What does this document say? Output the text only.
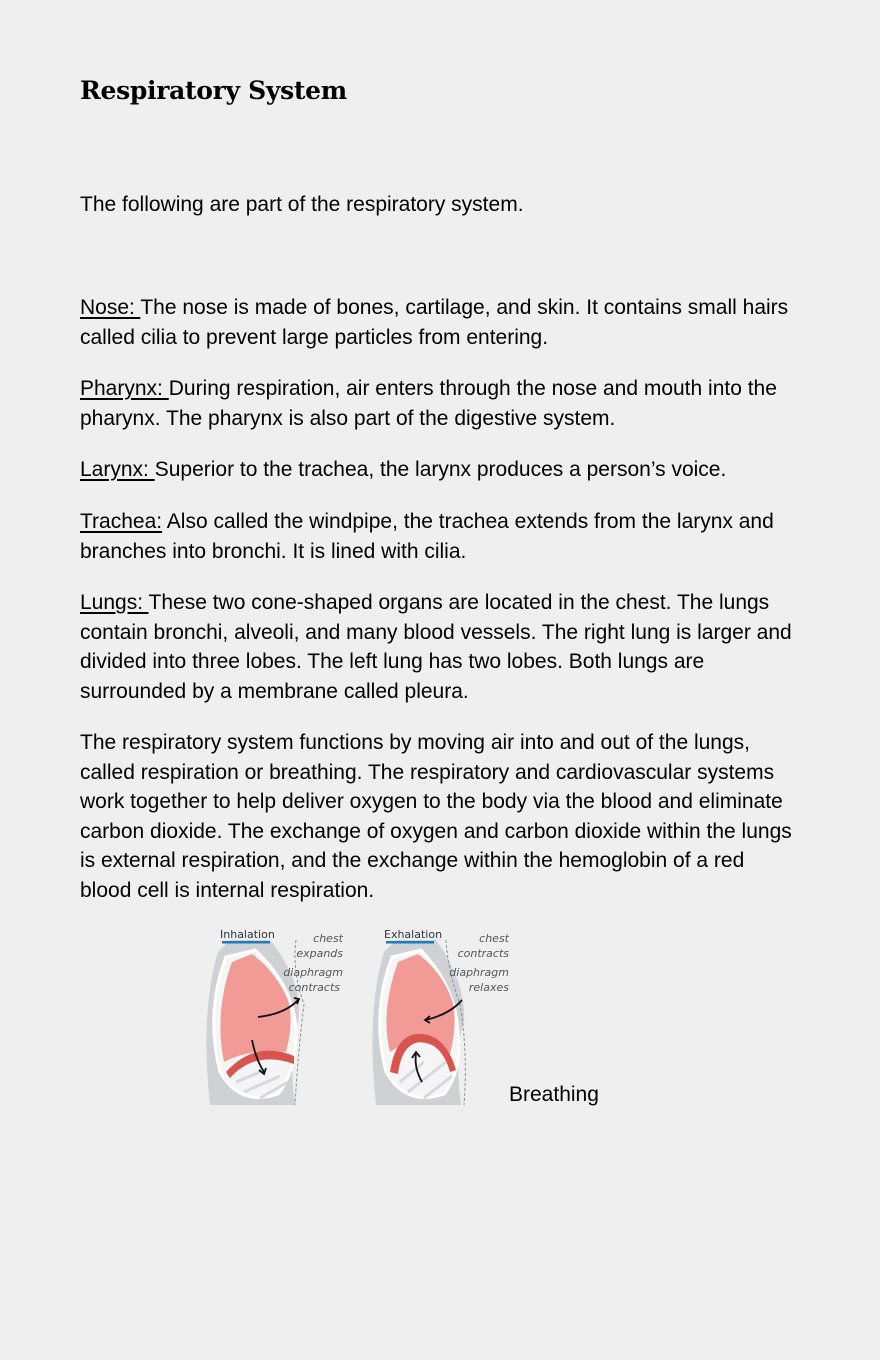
Respiratory System

The following are part of the respiratory system.

Nose: The nose is made of bones, cartilage, and skin. It contains small hairs called cilia to prevent large particles from entering.

Pharynx: During respiration, air enters through the nose and mouth into the pharynx. The pharynx is also part of the digestive system.

Larynx: Superior to the trachea, the larynx produces a person’s voice.

Trachea: Also called the windpipe, the trachea extends from the larynx and branches into bronchi. It is lined with cilia.

Lungs: These two cone-shaped organs are located in the chest. The lungs contain bronchi, alveoli, and many blood vessels. The right lung is larger and divided into three lobes. The left lung has two lobes. Both lungs are surrounded by a membrane called pleura.

The respiratory system functions by moving air into and out of the lungs, called respiration or breathing. The respiratory and cardiovascular systems work together to help deliver oxygen to the body via the blood and eliminate carbon dioxide. The exchange of oxygen and carbon dioxide within the lungs is external respiration, and the exchange within the hemoglobin of a red blood cell is internal respiration.

Inhalation	chest
expands
diaphragm
contracts
Exhalation	chest
contracts
diaphragm
relaxes
Breathing
